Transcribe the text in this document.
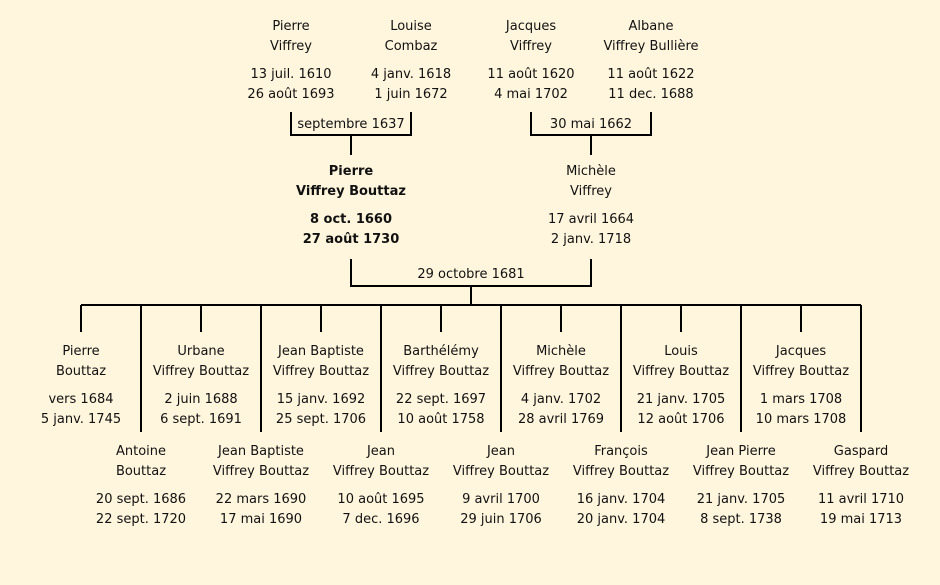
Pierre
Viffrey
13 juil. 1610
26 août 1693
Louise
Combaz
4 janv. 1618
1 juin 1672
Jacques
Viffrey
11 août 1620
4 mai 1702
Albane
Viffrey Bullière
11 août 1622
11 dec. 1688
septembre 1637	30 mai 1662
Pierre
Viffrey Bouttaz
8 oct. 1660
27 août 1730
Michèle
Viffrey
17 avril 1664
2 janv. 1718
29 octobre 1681
Pierre
Bouttaz
vers 1684
5 janv. 1745
Urbane
Viffrey Bouttaz
2 juin 1688
6 sept. 1691
Jean Baptiste
Viffrey Bouttaz
15 janv. 1692
25 sept. 1706
Barthélémy
Viffrey Bouttaz
22 sept. 1697
10 août 1758
Michèle
Viffrey Bouttaz
4 janv. 1702
28 avril 1769
Louis
Viffrey Bouttaz
21 janv. 1705
12 août 1706
Jacques
Viffrey Bouttaz
1 mars 1708
10 mars 1708
Antoine
Bouttaz
20 sept. 1686
22 sept. 1720
Jean Baptiste
Viffrey Bouttaz
22 mars 1690
17 mai 1690
Jean
Viffrey Bouttaz
10 août 1695
7 dec. 1696
Jean
Viffrey Bouttaz
9 avril 1700
29 juin 1706
François
Viffrey Bouttaz
16 janv. 1704
20 janv. 1704
Jean Pierre
Viffrey Bouttaz
21 janv. 1705
8 sept. 1738
Gaspard
Viffrey Bouttaz
11 avril 1710
19 mai 1713
